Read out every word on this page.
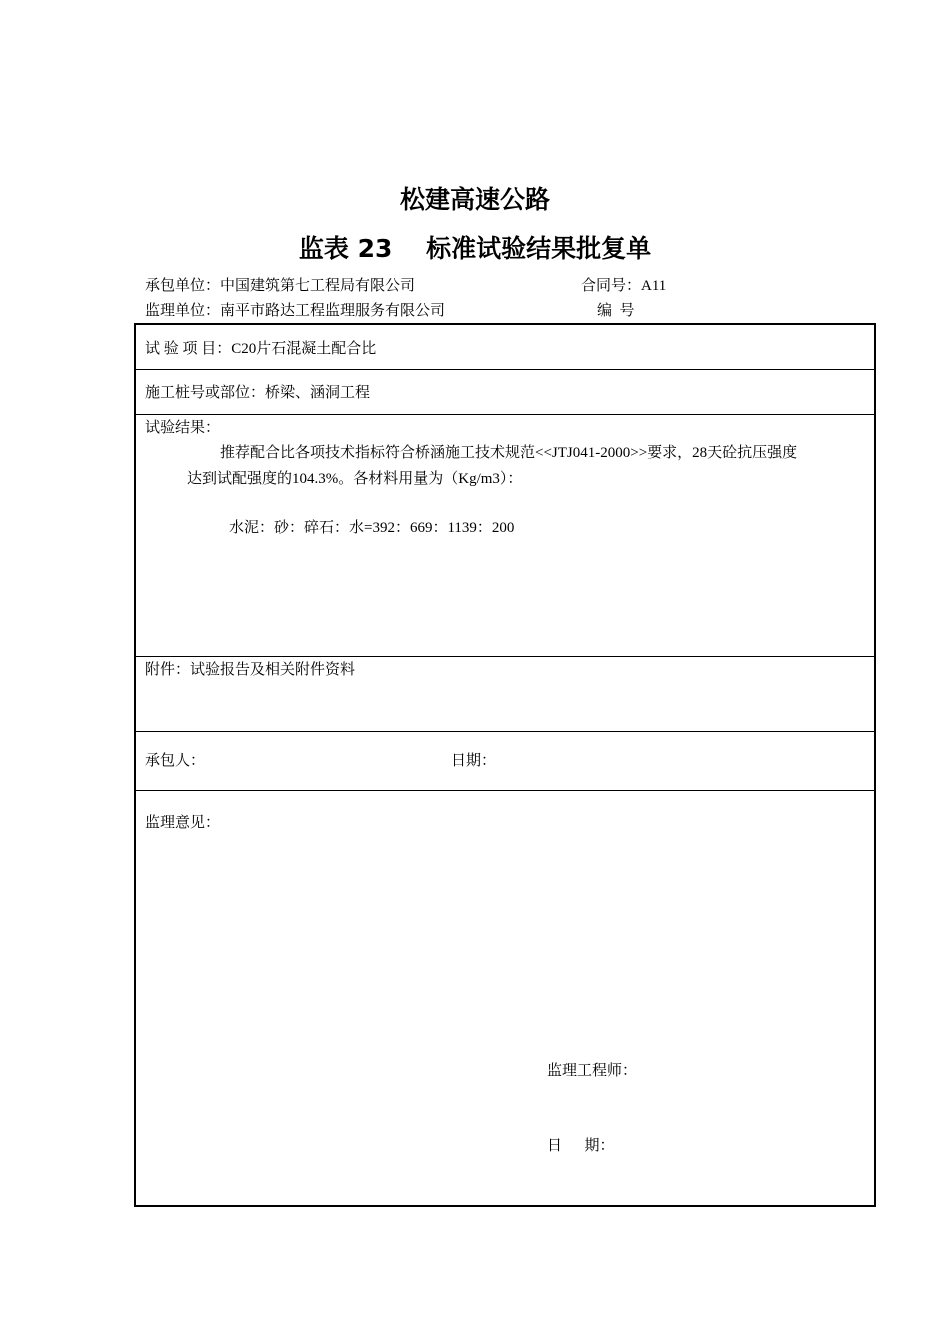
松建高速公路
监表 23　 标准试验结果批复单
承包单位：中国建筑第七工程局有限公司	合同号：A11
监理单位：南平市路达工程监理服务有限公司	编  号
试 验 项 目：C20片石混凝土配合比
施工桩号或部位：桥梁、涵洞工程
试验结果：
推荐配合比各项技术指标符合桥涵施工技术规范<<JTJ041-2000>>要求，28天砼抗压强度
达到试配强度的104.3%。各材料用量为（Kg/m3）：
水泥：砂：碎石：水=392：669：1139：200
附件：试验报告及相关附件资料
承包人：	日期：
监理意见：
监理工程师：
日      期：
